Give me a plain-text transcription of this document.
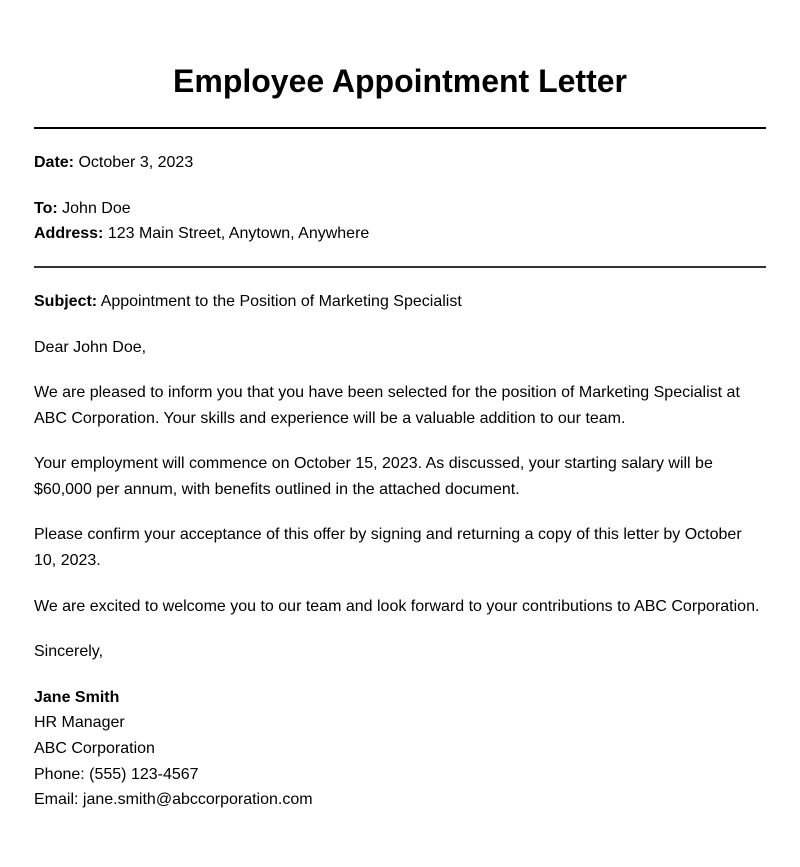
Employee Appointment Letter
Date: October 3, 2023
To: John Doe
Address: 123 Main Street, Anytown, Anywhere
Subject: Appointment to the Position of Marketing Specialist
Dear John Doe,

We are pleased to inform you that you have been selected for the position of Marketing Specialist at ABC Corporation. Your skills and experience will be a valuable addition to our team.

Your employment will commence on October 15, 2023. As discussed, your starting salary will be $60,000 per annum, with benefits outlined in the attached document.

Please confirm your acceptance of this offer by signing and returning a copy of this letter by October 10, 2023.

We are excited to welcome you to our team and look forward to your contributions to ABC Corporation.

Sincerely,
Jane Smith
HR Manager
ABC Corporation
Phone: (555) 123-4567
Email: jane.smith@abccorporation.com
